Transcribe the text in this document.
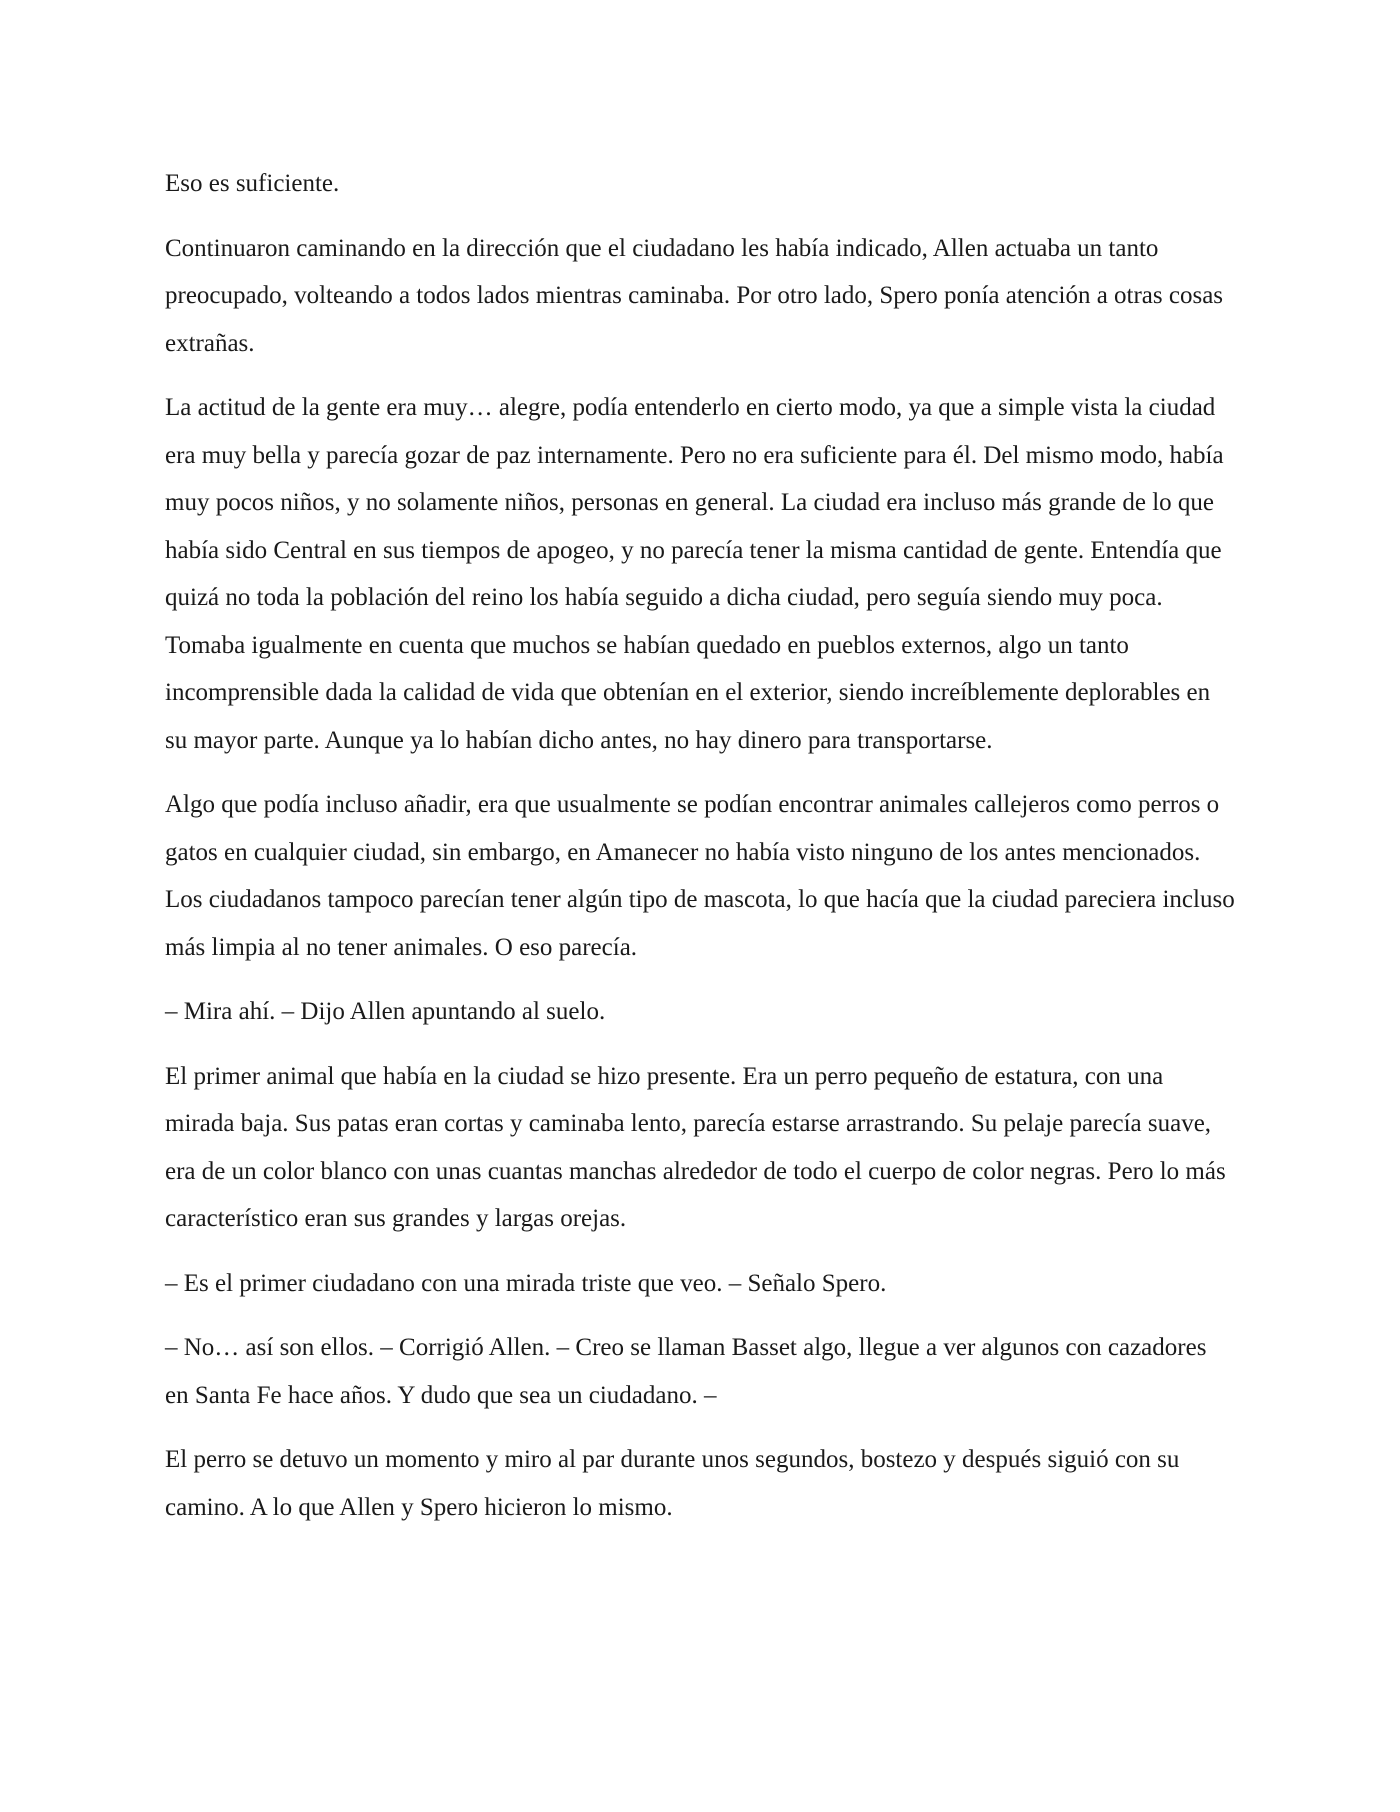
Eso es suficiente.

Continuaron caminando en la dirección que el ciudadano les había indicado, Allen actuaba un tanto preocupado, volteando a todos lados mientras caminaba. Por otro lado, Spero ponía atención a otras cosas extrañas.

La actitud de la gente era muy… alegre, podía entenderlo en cierto modo, ya que a simple vista la ciudad era muy bella y parecía gozar de paz internamente. Pero no era suficiente para él. Del mismo modo, había muy pocos niños, y no solamente niños, personas en general. La ciudad era incluso más grande de lo que había sido Central en sus tiempos de apogeo, y no parecía tener la misma cantidad de gente. Entendía que quizá no toda la población del reino los había seguido a dicha ciudad, pero seguía siendo muy poca. Tomaba igualmente en cuenta que muchos se habían quedado en pueblos externos, algo un tanto incomprensible dada la calidad de vida que obtenían en el exterior, siendo increíblemente deplorables en su mayor parte. Aunque ya lo habían dicho antes, no hay dinero para transportarse.

Algo que podía incluso añadir, era que usualmente se podían encontrar animales callejeros como perros o gatos en cualquier ciudad, sin embargo, en Amanecer no había visto ninguno de los antes mencionados. Los ciudadanos tampoco parecían tener algún tipo de mascota, lo que hacía que la ciudad pareciera incluso más limpia al no tener animales. O eso parecía.

– Mira ahí. – Dijo Allen apuntando al suelo.

El primer animal que había en la ciudad se hizo presente. Era un perro pequeño de estatura, con una mirada baja. Sus patas eran cortas y caminaba lento, parecía estarse arrastrando. Su pelaje parecía suave, era de un color blanco con unas cuantas manchas alrededor de todo el cuerpo de color negras. Pero lo más característico eran sus grandes y largas orejas.

– Es el primer ciudadano con una mirada triste que veo. – Señalo Spero.

– No… así son ellos. – Corrigió Allen. – Creo se llaman Basset algo, llegue a ver algunos con cazadores en Santa Fe hace años. Y dudo que sea un ciudadano. –

El perro se detuvo un momento y miro al par durante unos segundos, bostezo y después siguió con su camino. A lo que Allen y Spero hicieron lo mismo.
